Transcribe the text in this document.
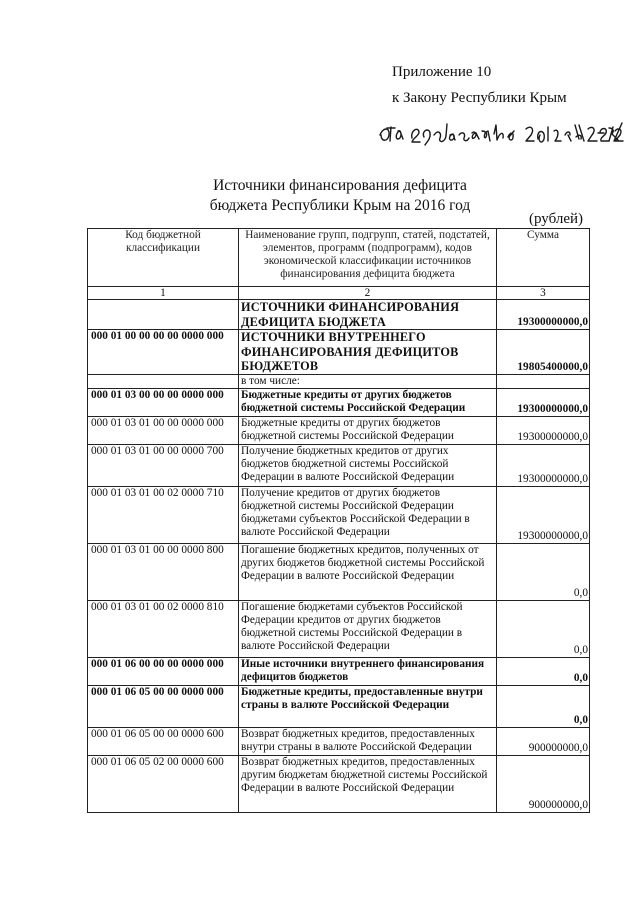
Приложение 10
к Закону Республики Крым
Источники финансирования дефицита
бюджета Республики Крым на 2016 год
(рублей)
Код бюджетной классификации	Наименование групп, подгрупп, статей, подстатей, элементов, программ (подпрограмм), кодов экономической классификации источников финансирования дефицита бюджета	Сумма
1	2	3
	ИСТОЧНИКИ ФИНАНСИРОВАНИЯ ДЕФИЦИТА БЮДЖЕТА	19300000000,0
000 01 00 00 00 00 0000 000	ИСТОЧНИКИ ВНУТРЕННЕГО ФИНАНСИРОВАНИЯ ДЕФИЦИТОВ БЮДЖЕТОВ	19805400000,0
	в том числе:	
000 01 03 00 00 00 0000 000	Бюджетные кредиты от других бюджетов бюджетной системы Российской Федерации	19300000000,0
000 01 03 01 00 00 0000 000	Бюджетные кредиты от других бюджетов бюджетной системы Российской Федерации	19300000000,0
000 01 03 01 00 00 0000 700	Получение бюджетных кредитов от других бюджетов бюджетной системы Российской Федерации в валюте Российской Федерации	19300000000,0
000 01 03 01 00 02 0000 710	Получение кредитов от других бюджетов бюджетной системы Российской Федерации бюджетами субъектов Российской Федерации в валюте Российской Федерации	19300000000,0
000 01 03 01 00 00 0000 800	Погашение бюджетных кредитов, полученных от других бюджетов бюджетной системы Российской Федерации в валюте Российской Федерации	0,0
000 01 03 01 00 02 0000 810	Погашение бюджетами субъектов Российской Федерации кредитов от других бюджетов бюджетной системы Российской Федерации в валюте Российской Федерации	0,0
000 01 06 00 00 00 0000 000	Иные источники внутреннего финансирования дефицитов бюджетов	0,0
000 01 06 05 00 00 0000 000	Бюджетные кредиты, предоставленные внутри страны в валюте Российской Федерации	0,0
000 01 06 05 00 00 0000 600	Возврат бюджетных кредитов, предоставленных внутри страны в валюте Российской Федерации	900000000,0
000 01 06 05 02 00 0000 600	Возврат бюджетных кредитов, предоставленных другим бюджетам бюджетной системы Российской Федерации в валюте Российской Федерации	900000000,0
